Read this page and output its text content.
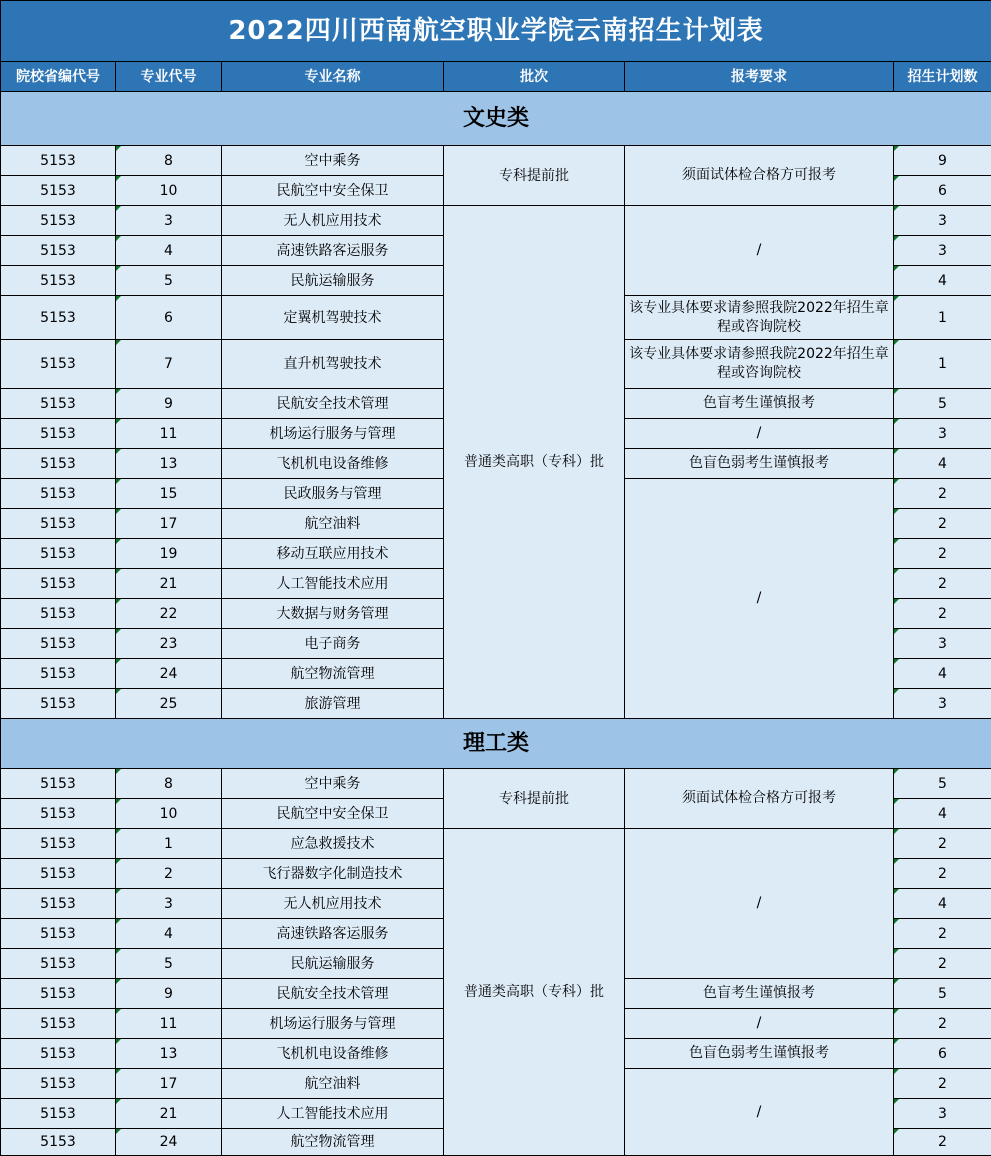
2022四川西南航空职业学院云南招生计划表					
院校省编代号	专业代号	专业名称	批次	报考要求	招生计划数
文史类					
5153	8	空中乘务	专科提前批	须面试体检合格方可报考	9
5153	10	民航空中安全保卫			6
5153	3	无人机应用技术	普通类高职（专科）批	/	3
5153	4	高速铁路客运服务			3
5153	5	民航运输服务			4
5153	6	定翼机驾驶技术		该专业具体要求请参照我院2022年招生章程或咨询院校	1
5153	7	直升机驾驶技术		该专业具体要求请参照我院2022年招生章程或咨询院校	1
5153	9	民航安全技术管理		色盲考生谨慎报考	5
5153	11	机场运行服务与管理		/	3
5153	13	飞机机电设备维修		色盲色弱考生谨慎报考	4
5153	15	民政服务与管理		/	2
5153	17	航空油料			2
5153	19	移动互联应用技术			2
5153	21	人工智能技术应用			2
5153	22	大数据与财务管理			2
5153	23	电子商务			3
5153	24	航空物流管理			4
5153	25	旅游管理			3
理工类					
5153	8	空中乘务	专科提前批	须面试体检合格方可报考	5
5153	10	民航空中安全保卫			4
5153	1	应急救援技术	普通类高职（专科）批	/	2
5153	2	飞行器数字化制造技术			2
5153	3	无人机应用技术			4
5153	4	高速铁路客运服务			2
5153	5	民航运输服务			2
5153	9	民航安全技术管理		色盲考生谨慎报考	5
5153	11	机场运行服务与管理		/	2
5153	13	飞机机电设备维修		色盲色弱考生谨慎报考	6
5153	17	航空油料		/	2
5153	21	人工智能技术应用			3
5153	24	航空物流管理			2
